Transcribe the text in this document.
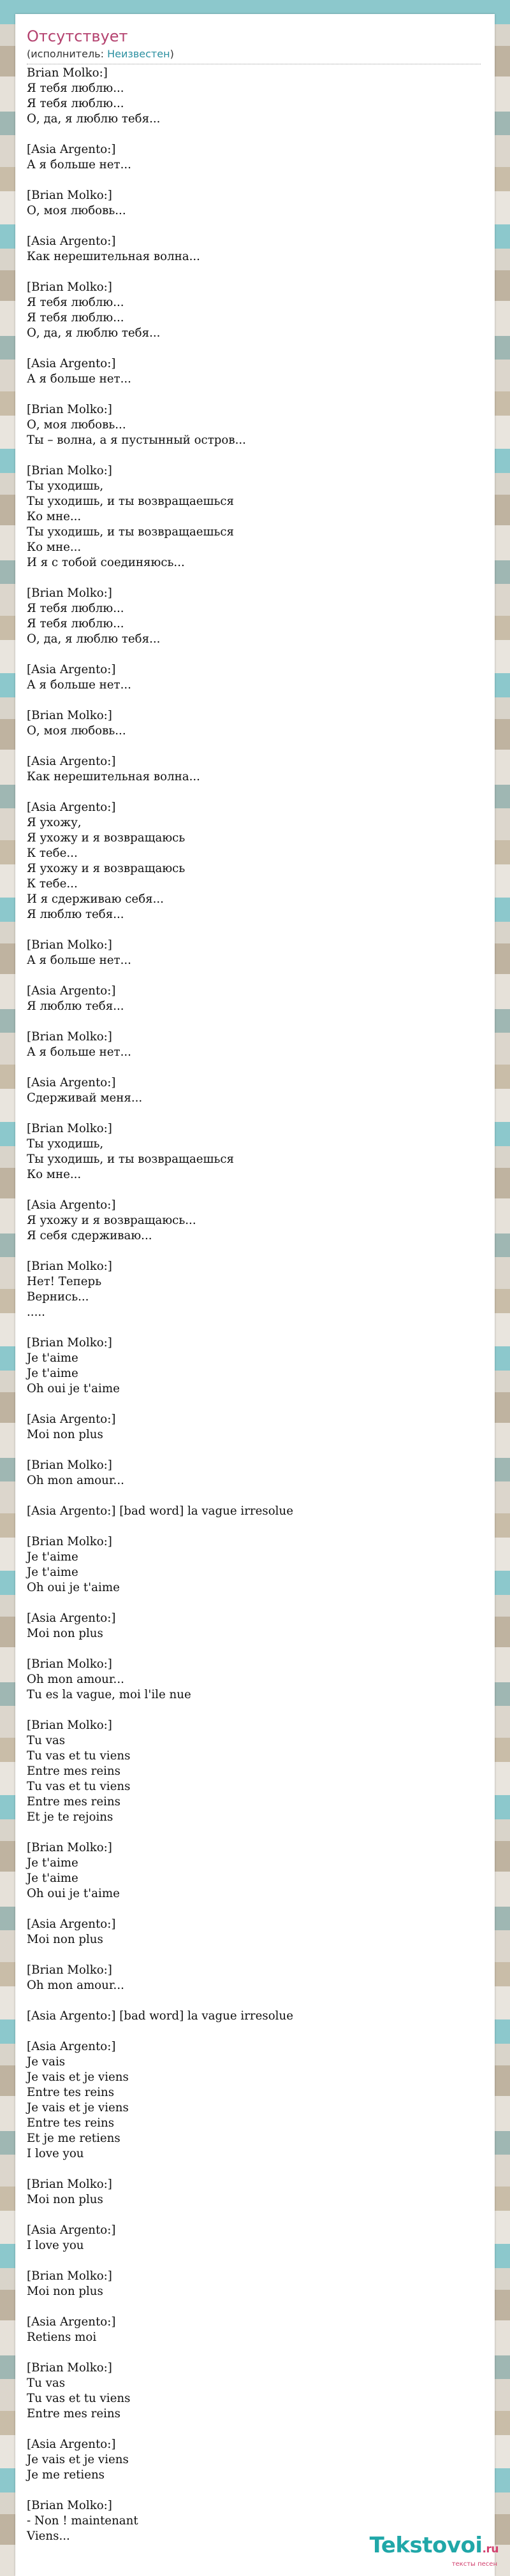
Отсутствует
(исполнитель: Неизвестен)
Brian Molko:]
Я тебя люблю...
Я тебя люблю...
О, да, я люблю тебя...
[Asia Argento:]
А я больше нет...
[Brian Molko:]
О, моя любовь...
[Asia Argento:]
Как нерешительная волна...
[Brian Molko:]
Я тебя люблю...
Я тебя люблю...
О, да, я люблю тебя...
[Asia Argento:]
А я больше нет...
[Brian Molko:]
О, моя любовь...
Ты – волна, а я пустынный остров...
[Brian Molko:]
Ты уходишь,
Ты уходишь, и ты возвращаешься
Ко мне...
Ты уходишь, и ты возвращаешься
Ко мне...
И я с тобой соединяюсь...
[Brian Molko:]
Я тебя люблю...
Я тебя люблю...
О, да, я люблю тебя...
[Asia Argento:]
А я больше нет...
[Brian Molko:]
О, моя любовь...
[Asia Argento:]
Как нерешительная волна...
[Asia Argento:]
Я ухожу,
Я ухожу и я возвращаюсь
К тебе...
Я ухожу и я возвращаюсь
К тебе...
И я сдерживаю себя...
Я люблю тебя...
[Brian Molko:]
А я больше нет...
[Asia Argento:]
Я люблю тебя...
[Brian Molko:]
А я больше нет...
[Asia Argento:]
Сдерживай меня...
[Brian Molko:]
Ты уходишь,
Ты уходишь, и ты возвращаешься
Ко мне...
[Asia Argento:]
Я ухожу и я возвращаюсь...
Я себя сдерживаю...
[Brian Molko:]
Нет! Теперь
Вернись...
.....
[Brian Molko:]
Je t'aime
Je t'aime
Oh oui je t'aime
[Asia Argento:]
Moi non plus
[Brian Molko:]
Oh mon amour...
[Asia Argento:] [bad word] la vague irresolue
[Brian Molko:]
Je t'aime
Je t'aime
Oh oui je t'aime
[Asia Argento:]
Moi non plus
[Brian Molko:]
Oh mon amour...
Tu es la vague, moi l'ile nue
[Brian Molko:]
Tu vas
Tu vas et tu viens
Entre mes reins
Tu vas et tu viens
Entre mes reins
Et je te rejoins
[Brian Molko:]
Je t'aime
Je t'aime
Oh oui je t'aime
[Asia Argento:]
Moi non plus
[Brian Molko:]
Oh mon amour...
[Asia Argento:] [bad word] la vague irresolue
[Asia Argento:]
Je vais
Je vais et je viens
Entre tes reins
Je vais et je viens
Entre tes reins
Et je me retiens
I love you
[Brian Molko:]
Moi non plus
[Asia Argento:]
I love you
[Brian Molko:]
Moi non plus
[Asia Argento:]
Retiens moi
[Brian Molko:]
Tu vas
Tu vas et tu viens
Entre mes reins
[Asia Argento:]
Je vais et je viens
Je me retiens
[Brian Molko:]
- Non ! maintenant
Viens...	Tekstovoi.ru
тексты песен
